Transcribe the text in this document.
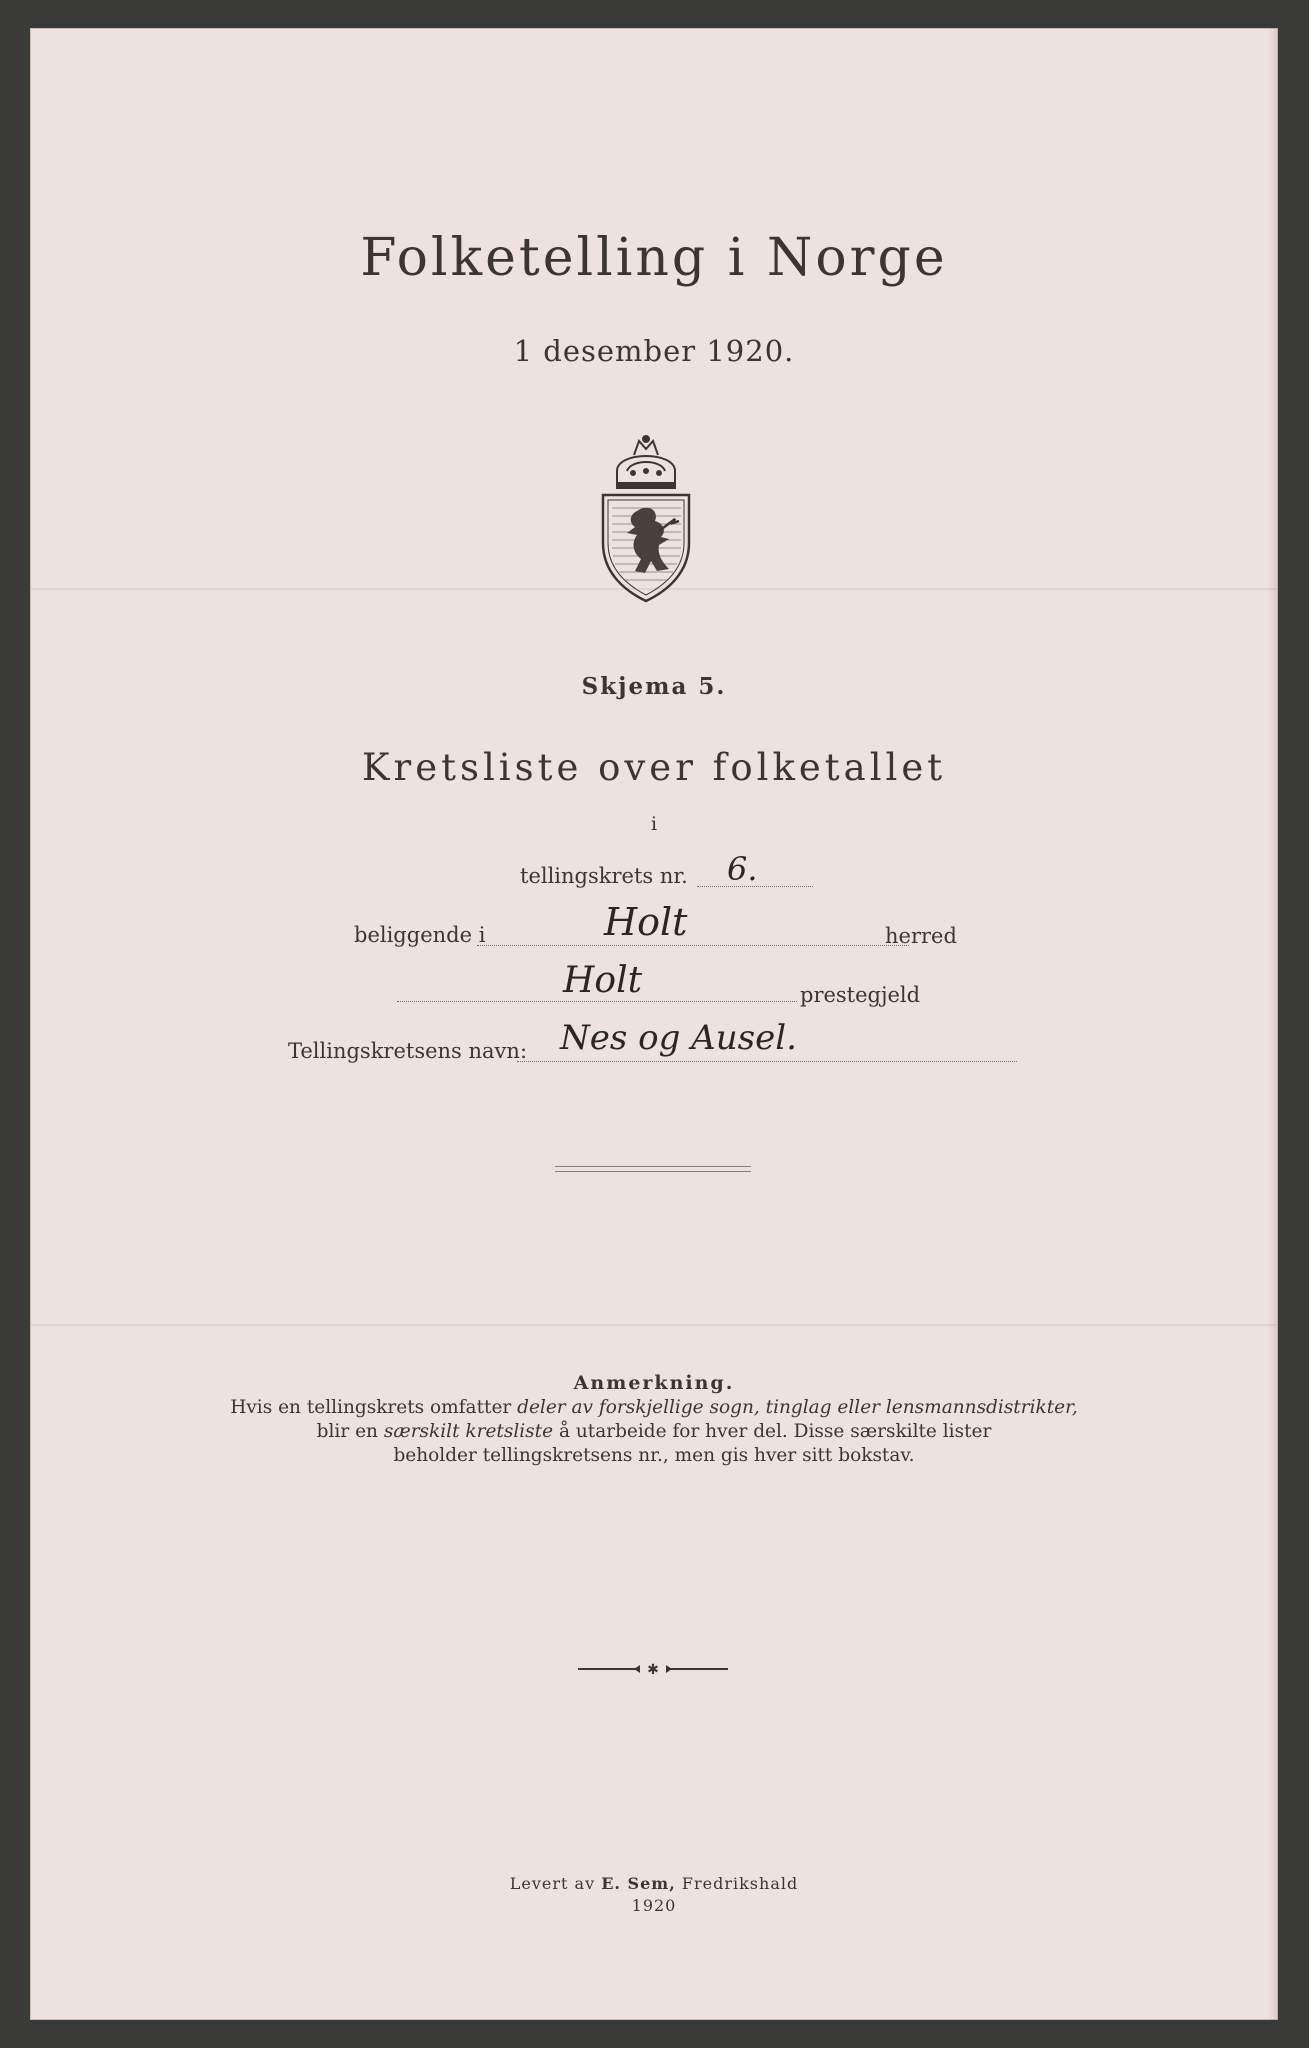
Folketelling i Norge
1 desember 1920.
Skjema 5.
Kretsliste over folketallet
i
tellingskrets nr. 6.
beliggende i	Holt	herred
Holt	prestegjeld
Tellingskretsens navn: Nes og Ausel.
Anmerkning.
Hvis en tellingskrets omfatter deler av forskjellige sogn, tinglag eller lensmannsdistrikter,
blir en særskilt kretsliste å utarbeide for hver del. Disse særskilte lister
beholder tellingskretsens nr., men gis hver sitt bokstav.
✱
Levert av E. Sem, Fredrikshald
1920
